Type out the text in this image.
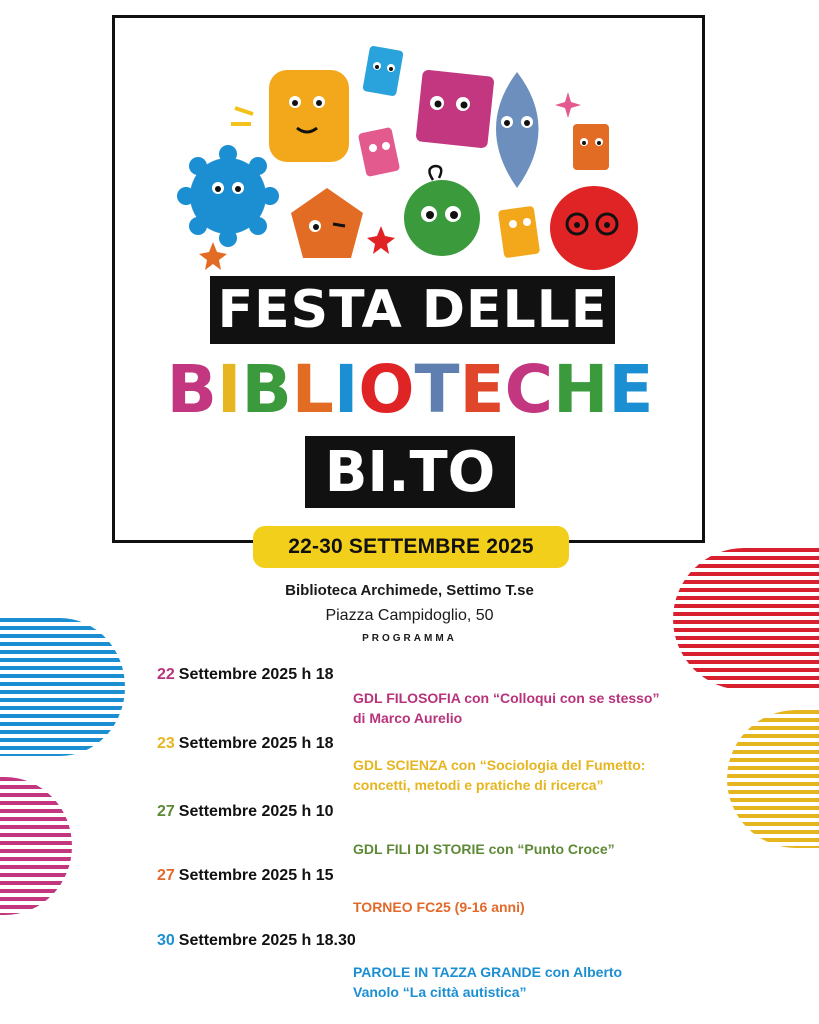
FESTA DELLE
BIBLIOTECHE
BI.TO
22-30 SETTEMBRE 2025
Biblioteca Archimede, Settimo T.se
Piazza Campidoglio, 50
PROGRAMMA
22 Settembre 2025 h 18
GDL FILOSOFIA con “Colloqui con se stesso”
di Marco Aurelio
23 Settembre 2025 h 18
GDL SCIENZA con “Sociologia del Fumetto:
concetti, metodi e pratiche di ricerca”
27 Settembre 2025 h 10
GDL FILI DI STORIE con “Punto Croce”
27 Settembre 2025 h 15
TORNEO FC25 (9-16 anni)
30 Settembre 2025 h 18.30
PAROLE IN TAZZA GRANDE con Alberto
Vanolo “La città autistica”
